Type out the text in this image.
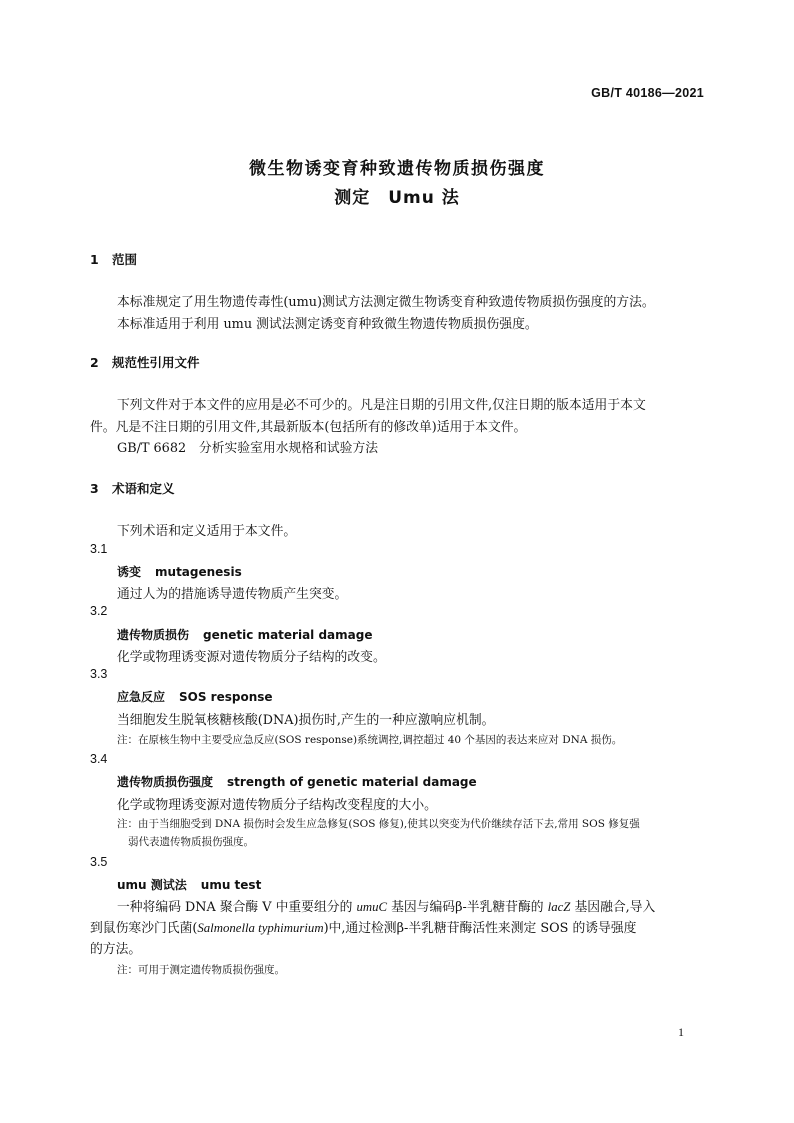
GB/T 40186—2021
微生物诱变育种致遗传物质损伤强度
测定　Umu 法
1 范围
本标准规定了用生物遗传毒性(umu)测试方法测定微生物诱变育种致遗传物质损伤强度的方法。
本标准适用于利用 umu 测试法测定诱变育种致微生物遗传物质损伤强度。
2 规范性引用文件
下列文件对于本文件的应用是必不可少的。凡是注日期的引用文件,仅注日期的版本适用于本文
件。凡是不注日期的引用文件,其最新版本(包括所有的修改单)适用于本文件。
GB/T 6682　分析实验室用水规格和试验方法
3 术语和定义
下列术语和定义适用于本文件。
3.1
诱变 mutagenesis
通过人为的措施诱导遗传物质产生突变。
3.2
遗传物质损伤 genetic material damage
化学或物理诱变源对遗传物质分子结构的改变。
3.3
应急反应 SOS response
当细胞发生脱氧核糖核酸(DNA)损伤时,产生的一种应激响应机制。
注：在原核生物中主要受应急反应(SOS response)系统调控,调控超过 40 个基因的表达来应对 DNA 损伤。
3.4
遗传物质损伤强度 strength of genetic material damage
化学或物理诱变源对遗传物质分子结构改变程度的大小。
注：由于当细胞受到 DNA 损伤时会发生应急修复(SOS 修复),使其以突变为代价继续存活下去,常用 SOS 修复强
弱代表遗传物质损伤强度。
3.5
umu 测试法 umu test
一种将编码 DNA 聚合酶 V 中重要组分的 umuC 基因与编码β-半乳糖苷酶的 lacZ 基因融合,导入
到鼠伤寒沙门氏菌(Salmonella typhimurium)中,通过检测β-半乳糖苷酶活性来测定 SOS 的诱导强度
的方法。
注：可用于测定遗传物质损伤强度。
1
